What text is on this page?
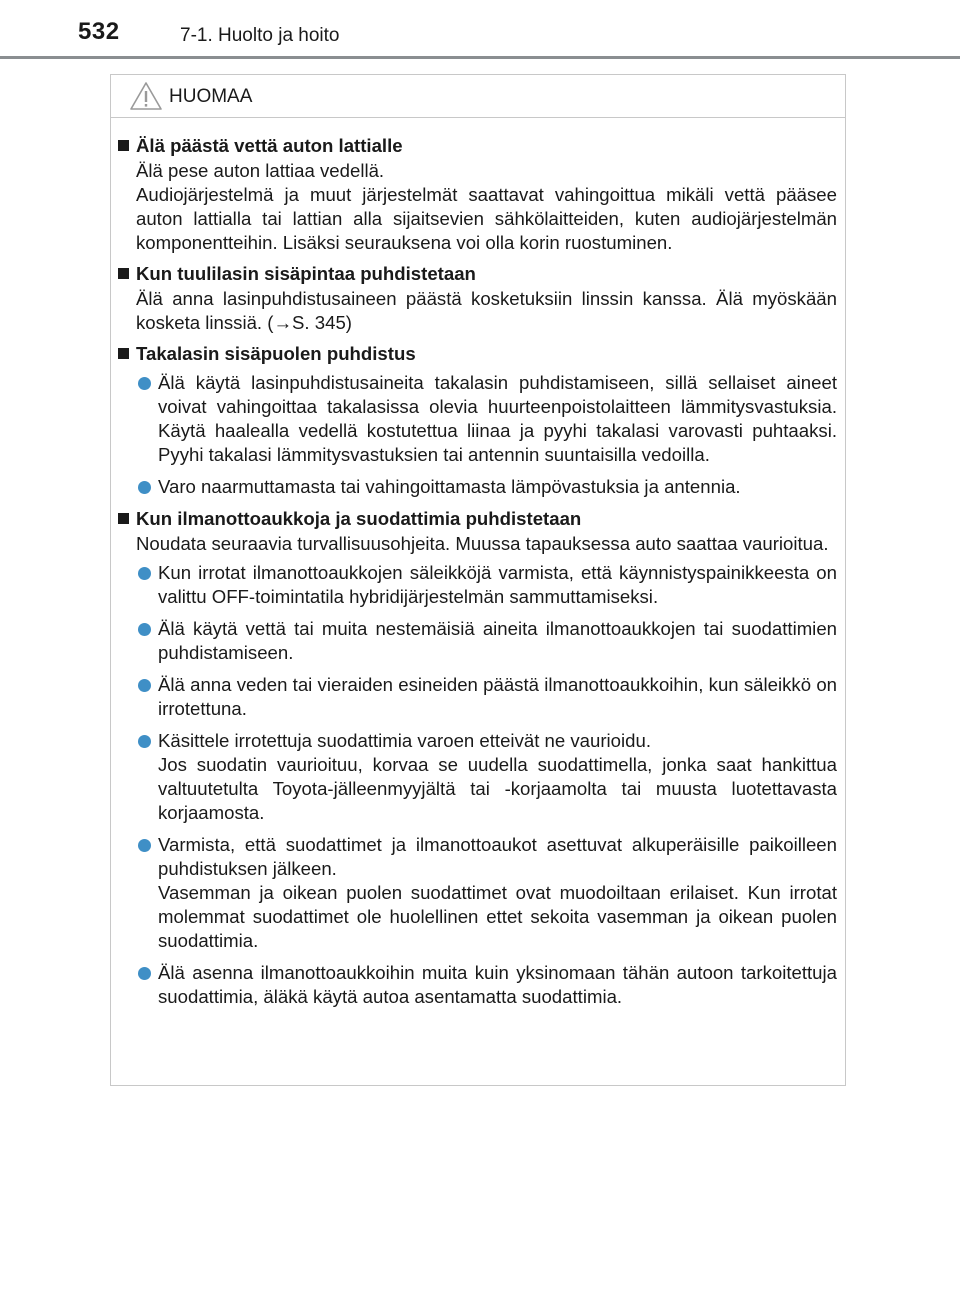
532	7-1. Huolto ja hoito
HUOMAA
Älä päästä vettä auton lattialle
Älä pese auton lattiaa vedellä.
Audiojärjestelmä ja muut järjestelmät saattavat vahingoittua mikäli vettä pääsee auton lattialla tai lattian alla sijaitsevien sähkölaitteiden, kuten audiojärjestelmän komponentteihin. Lisäksi seurauksena voi olla korin ruostuminen.
Kun tuulilasin sisäpintaa puhdistetaan
Älä anna lasinpuhdistusaineen päästä kosketuksiin linssin kanssa. Älä myöskään kosketa linssiä. (→S. 345)
Takalasin sisäpuolen puhdistus
Älä käytä lasinpuhdistusaineita takalasin puhdistamiseen, sillä sellaiset aineet voivat vahingoittaa takalasissa olevia huurteenpoistolaitteen lämmitysvastuksia. Käytä haalealla vedellä kostutettua liinaa ja pyyhi takalasi varovasti puhtaaksi. Pyyhi takalasi lämmitysvastuksien tai antennin suuntaisilla vedoilla.
Varo naarmuttamasta tai vahingoittamasta lämpövastuksia ja antennia.
Kun ilmanottoaukkoja ja suodattimia puhdistetaan
Noudata seuraavia turvallisuusohjeita. Muussa tapauksessa auto saattaa vaurioitua.
Kun irrotat ilmanottoaukkojen säleikköjä varmista, että käynnistyspainikkeesta on valittu OFF-toimintatila hybridijärjestelmän sammuttamiseksi.
Älä käytä vettä tai muita nestemäisiä aineita ilmanottoaukkojen tai suodattimien puhdistamiseen.
Älä anna veden tai vieraiden esineiden päästä ilmanottoaukkoihin, kun säleikkö on irrotettuna.
Käsittele irrotettuja suodattimia varoen etteivät ne vaurioidu.
Jos suodatin vaurioituu, korvaa se uudella suodattimella, jonka saat hankittua valtuutetulta Toyota-jälleenmyyjältä tai -korjaamolta tai muusta luotettavasta korjaamosta.
Varmista, että suodattimet ja ilmanottoaukot asettuvat alkuperäisille paikoilleen puhdistuksen jälkeen.
Vasemman ja oikean puolen suodattimet ovat muodoiltaan erilaiset. Kun irrotat molemmat suodattimet ole huolellinen ettet sekoita vasemman ja oikean puolen suodattimia.
Älä asenna ilmanottoaukkoihin muita kuin yksinomaan tähän autoon tarkoitettuja suodattimia, äläkä käytä autoa asentamatta suodattimia.
